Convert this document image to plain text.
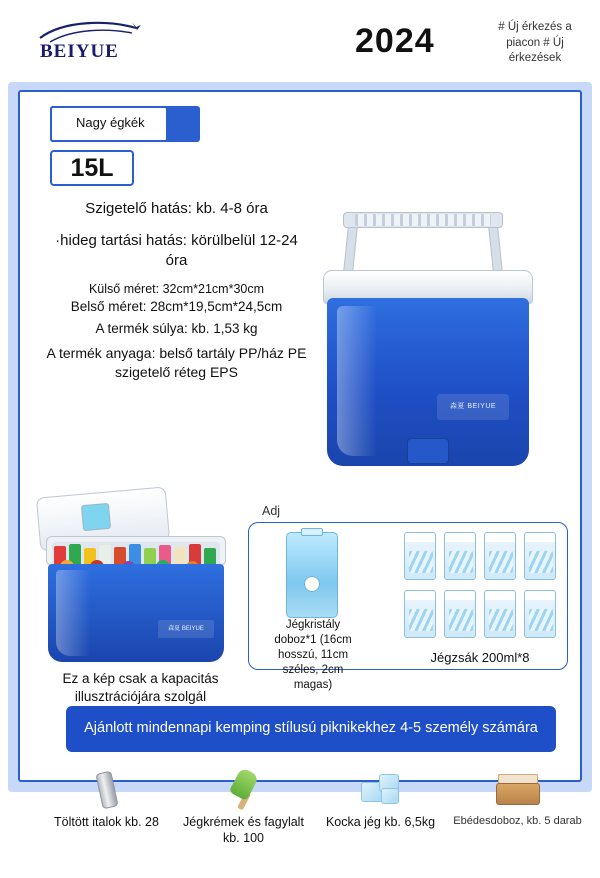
BEIYUE	2024	# Új érkezés a piacon # Új érkezések
Nagy égkék
15L
Szigetelő hatás: kb. 4-8 óra
·hideg tartási hatás: körülbelül 12-24 óra
Külső méret: 32cm*21cm*30cm
Belső méret: 28cm*19,5cm*24,5cm
A termék súlya: kb. 1,53 kg
A termék anyaga: belső tartály PP/ház PE szigetelő réteg EPS
森夏 BEIYUE
森夏 BEIYUE
Ez a kép csak a kapacitás illusztrációjára szolgál
Adj
Jégkristály doboz*1 (16cm hosszú, 11cm széles, 2cm magas)
Jégzsák 200ml*8
Ajánlott mindennapi kemping stílusú piknikekhez 4-5 személy számára
Töltött italok kb. 28	Jégkrémek és fagylalt kb. 100
Kocka jég kb. 6,5kg	Ebédesdoboz, kb. 5 darab
